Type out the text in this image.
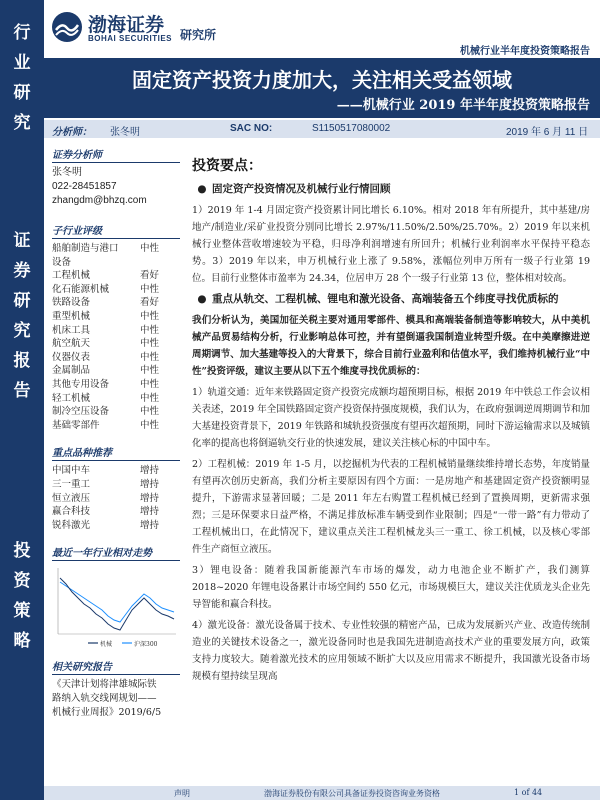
行
业
研
究
证
券
研
究
报
告
投
资
策
略
渤海证券
BOHAI SECURITIES 研究所
机械行业半年度投资策略报告
固定资产投资力度加大，关注相关受益领域
——机械行业 2019 年半年度投资策略报告
分析师： 张冬明	SAC NO:	S1150517080002	2019 年 6 月 11 日
证券分析师
张冬明
022-28451857
zhangdm@bhzq.com
子行业评级
船舶制造与港口 中性
设备
工程机械	看好
化石能源机械	中性
铁路设备	看好
重型机械	中性
机床工具	中性
航空航天	中性
仪器仪表	中性
金属制品	中性
其他专用设备	中性
轻工机械	中性
制冷空压设备	中性
基础零部件	中性
重点品种推荐
中国中车	增持
三一重工	增持
恒立液压	增持
赢合科技	增持
锐科激光	增持
最近一年行业相对走势
机械	沪深300
相关研究报告
《天津计划将津雄城际铁
路纳入轨交线网规划——
机械行业周报》2019/6/5
投资要点：
● 固定资产投资情况及机械行业行情回顾

1）2019 年 1-4 月固定资产投资累计同比增长 6.10%。相对 2018 年有所提升，其中基建/房地产/制造业/采矿业投资分别同比增长 2.97%/11.50%/2.50%/25.70%。2）2019 年以来机械行业整体营收增速较为平稳，归母净利润增速有所回升；机械行业利润率水平保持平稳态势。3）2019 年以来，申万机械行业上涨了 9.58%，涨幅位列申万所有一级子行业第 19 位。目前行业整体市盈率为 24.34，位居申万 28 个一级子行业第 13 位，整体相对较高。

● 重点从轨交、工程机械、锂电和激光设备、高端装备五个纬度寻找优质标的

我们分析认为，美国加征关税主要对通用零部件、模具和高端装备制造等影响较大，从中美机械产品贸易结构分析，行业影响总体可控，并有望倒逼我国制造业转型升级。在中美摩擦进逆周期调节、加大基建等投入的大背景下，综合目前行业盈利和估值水平，我们维持机械行业“中性”投资评级，建议主要从以下五个维度寻找优质标的：

1）轨道交通：近年来铁路固定资产投资完成额均超预期目标，根据 2019 年中铁总工作会议相关表述，2019 年全国铁路固定资产投资保持强度规模，我们认为，在政府强调逆周期调节和加大基建投资背景下，2019 年铁路和城轨投资强度有望再次超预期，同时下游运输需求以及城镇化率的提高也将倒逼轨交行业的快速发展，建议关注核心标的中国中车。

2）工程机械：2019 年 1-5 月，以挖掘机为代表的工程机械销量继续维持增长态势，年度销量有望再次创历史新高，我们分析主要原因有四个方面：一是房地产和基建固定资产投资额明显提升，下游需求显著回暖；二是 2011 年左右购置工程机械已经到了置换周期，更新需求强烈；三是环保要求日益严格，不满足排放标准车辆受到作业限制；四是“一带一路”有力带动了工程机械出口，在此情况下，建议重点关注工程机械龙头三一重工、徐工机械，以及核心零部件生产商恒立液压。

3）锂电设备：随着我国新能源汽车市场的爆发，动力电池企业不断扩产，我们测算 2018~2020 年锂电设备累计市场空间约 550 亿元，市场规模巨大，建议关注优质龙头企业先导智能和赢合科技。

4）激光设备：激光设备属于技术、专业性较强的精密产品，已成为发展新兴产业、改造传统制造业的关键技术设备之一，激光设备同时也是我国先进制造高技术产业的重要发展方向，政策支持力度较大。随着激光技术的应用领域不断扩大以及应用需求不断提升，我国激光设备市场规模有望持续呈现高

声明	渤海证券股份有限公司具备证券投资咨询业务资格	1 of 44
